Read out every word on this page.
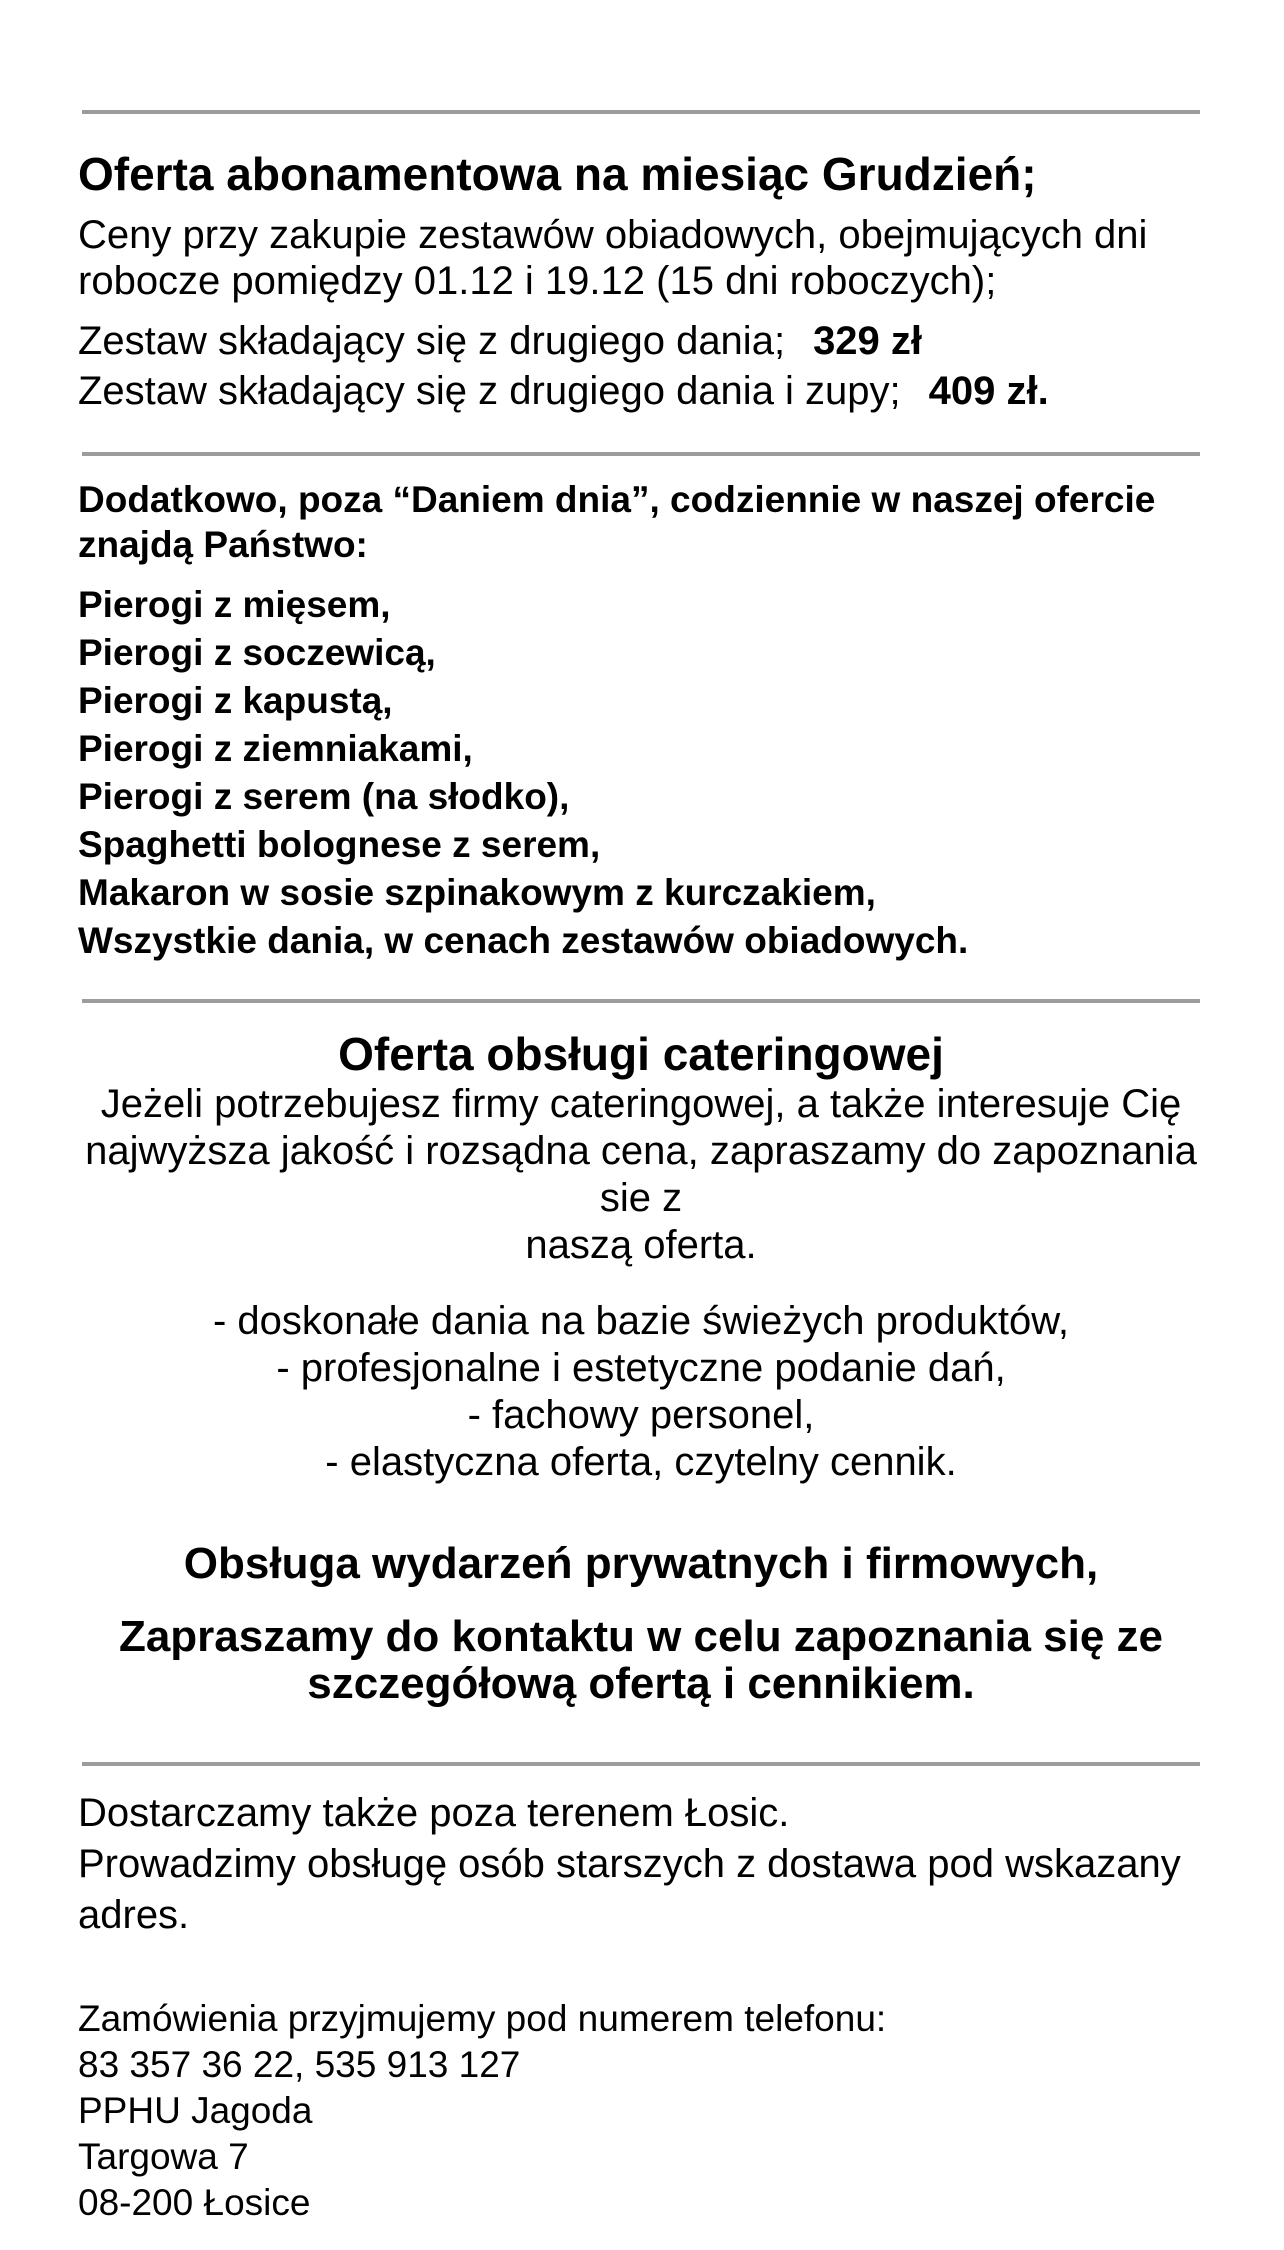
Oferta abonamentowa na miesiąc Grudzień;

Ceny przy zakupie zestawów obiadowych, obejmujących dni
robocze pomiędzy 01.12 i 19.12 (15 dni roboczych);

Zestaw składający się z drugiego dania; 329 zł

Zestaw składający się z drugiego dania i zupy; 409 zł.

Dodatkowo, poza “Daniem dnia”, codziennie w naszej ofercie
znajdą Państwo:

Pierogi z mięsem,
Pierogi z soczewicą,
Pierogi z kapustą,
Pierogi z ziemniakami,
Pierogi z serem (na słodko),
Spaghetti bolognese z serem,
Makaron w sosie szpinakowym z kurczakiem,
Wszystkie dania, w cenach zestawów obiadowych.

Oferta obsługi cateringowej

Jeżeli potrzebujesz firmy cateringowej, a także interesuje Cię
najwyższa jakość i rozsądna cena, zapraszamy do zapoznania sie z
naszą oferta.

- doskonałe dania na bazie świeżych produktów,
- profesjonalne i estetyczne podanie dań,
- fachowy personel,
- elastyczna oferta, czytelny cennik.

Obsługa wydarzeń prywatnych i firmowych,
Zapraszamy do kontaktu w celu zapoznania się ze
szczegółową ofertą i cennikiem.

Dostarczamy także poza terenem Łosic.
Prowadzimy obsługę osób starszych z dostawa pod wskazany
adres.

Zamówienia przyjmujemy pod numerem telefonu:
83 357 36 22, 535 913 127
PPHU Jagoda
Targowa 7
08-200 Łosice
